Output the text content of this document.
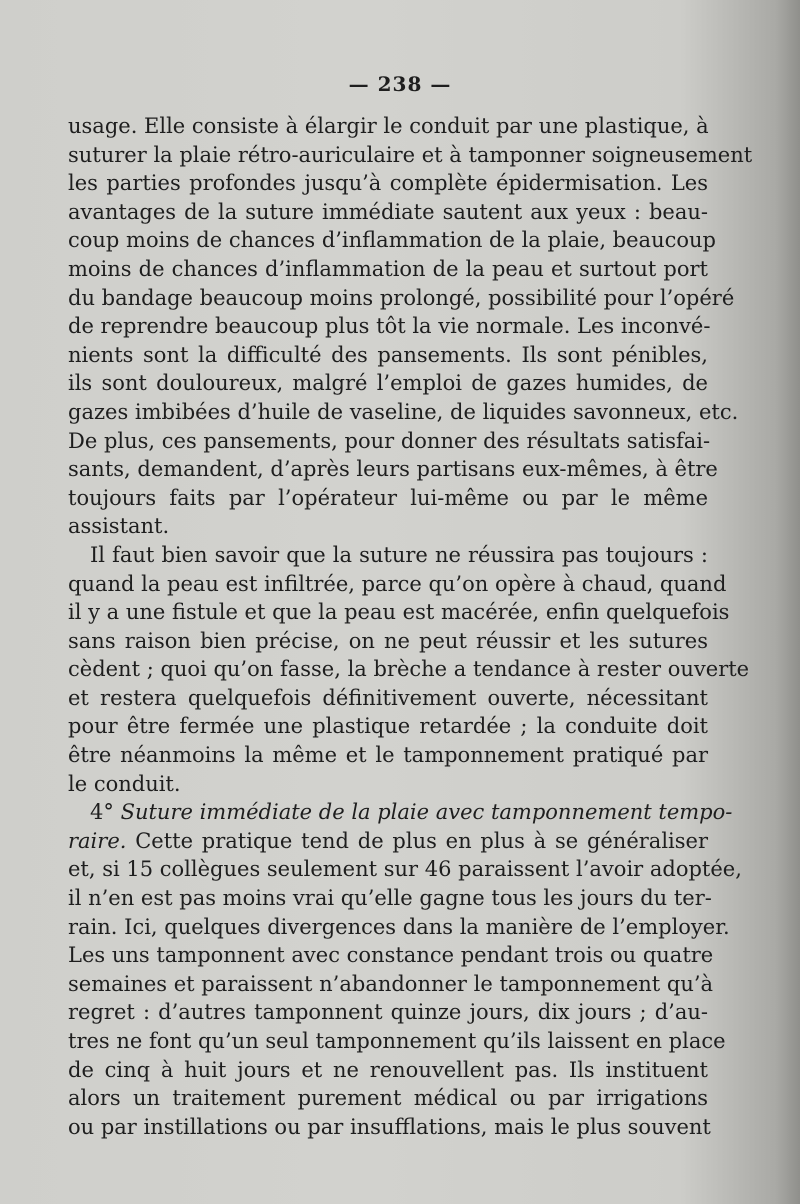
— 238 —
usage. Elle consiste à élargir le conduit par une plastique, à
suturer la plaie rétro-auriculaire et à tamponner soigneusement
les parties profondes jusqu’à complète épidermisation. Les
avantages de la suture immédiate sautent aux yeux : beau-
coup moins de chances d’inflammation de la plaie, beaucoup
moins de chances d’inflammation de la peau et surtout port
du bandage beaucoup moins prolongé, possibilité pour l’opéré
de reprendre beaucoup plus tôt la vie normale. Les inconvé-
nients sont la difficulté des pansements. Ils sont pénibles,
ils sont douloureux, malgré l’emploi de gazes humides, de
gazes imbibées d’huile de vaseline, de liquides savonneux, etc.
De plus, ces pansements, pour donner des résultats satisfai-
sants, demandent, d’après leurs partisans eux-mêmes, à être
toujours faits par l’opérateur lui-même ou par le même
assistant.
Il faut bien savoir que la suture ne réussira pas toujours :
quand la peau est infiltrée, parce qu’on opère à chaud, quand
il y a une fistule et que la peau est macérée, enfin quelquefois
sans raison bien précise, on ne peut réussir et les sutures
cèdent ; quoi qu’on fasse, la brèche a tendance à rester ouverte
et restera quelquefois définitivement ouverte, nécessitant
pour être fermée une plastique retardée ; la conduite doit
être néanmoins la même et le tamponnement pratiqué par
le conduit.
4° Suture immédiate de la plaie avec tamponnement tempo-
raire. Cette pratique tend de plus en plus à se généraliser
et, si 15 collègues seulement sur 46 paraissent l’avoir adoptée,
il n’en est pas moins vrai qu’elle gagne tous les jours du ter-
rain. Ici, quelques divergences dans la manière de l’employer.
Les uns tamponnent avec constance pendant trois ou quatre
semaines et paraissent n’abandonner le tamponnement qu’à
regret : d’autres tamponnent quinze jours, dix jours ; d’au-
tres ne font qu’un seul tamponnement qu’ils laissent en place
de cinq à huit jours et ne renouvellent pas. Ils instituent
alors un traitement purement médical ou par irrigations
ou par instillations ou par insufflations, mais le plus souvent
